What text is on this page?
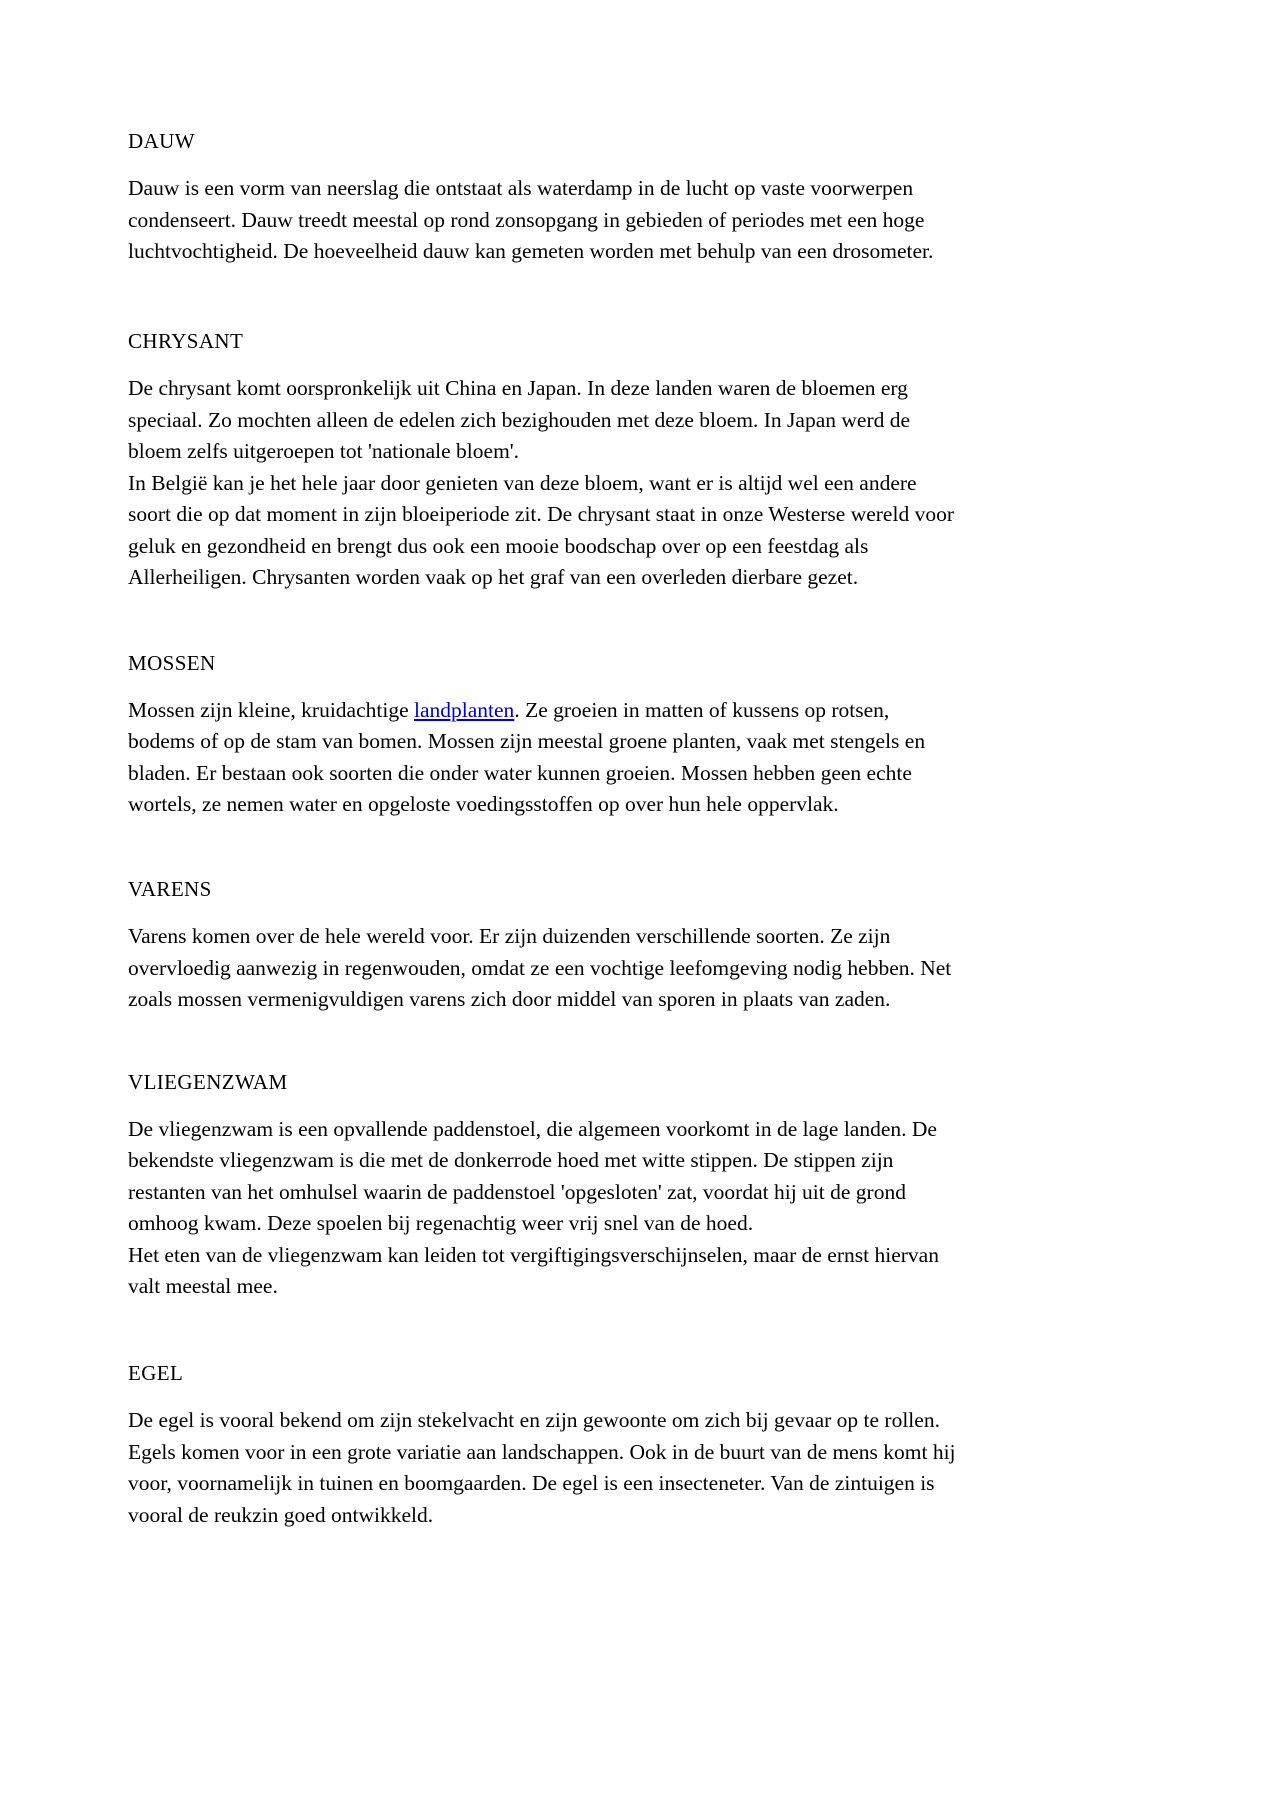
DAUW

Dauw is een vorm van neerslag die ontstaat als waterdamp in de lucht op vaste voorwerpen condenseert. Dauw treedt meestal op rond zonsopgang in gebieden of periodes met een hoge luchtvochtigheid. De hoeveelheid dauw kan gemeten worden met behulp van een drosometer.

CHRYSANT

De chrysant komt oorspronkelijk uit China en Japan. In deze landen waren de bloemen erg speciaal. Zo mochten alleen de edelen zich bezighouden met deze bloem. In Japan werd de bloem zelfs uitgeroepen tot 'nationale bloem'.

In België kan je het hele jaar door genieten van deze bloem, want er is altijd wel een andere soort die op dat moment in zijn bloeiperiode zit. De chrysant staat in onze Westerse wereld voor geluk en gezondheid en brengt dus ook een mooie boodschap over op een feestdag als Allerheiligen. Chrysanten worden vaak op het graf van een overleden dierbare gezet.

MOSSEN

Mossen zijn kleine, kruidachtige landplanten. Ze groeien in matten of kussens op rotsen, bodems of op de stam van bomen. Mossen zijn meestal groene planten, vaak met stengels en bladen. Er bestaan ook soorten die onder water kunnen groeien. Mossen hebben geen echte wortels, ze nemen water en opgeloste voedingsstoffen op over hun hele oppervlak.

VARENS

Varens komen over de hele wereld voor. Er zijn duizenden verschillende soorten. Ze zijn overvloedig aanwezig in regenwouden, omdat ze een vochtige leefomgeving nodig hebben. Net zoals mossen vermenigvuldigen varens zich door middel van sporen in plaats van zaden.

VLIEGENZWAM

De vliegenzwam is een opvallende paddenstoel, die algemeen voorkomt in de lage landen. De bekendste vliegenzwam is die met de donkerrode hoed met witte stippen. De stippen zijn restanten van het omhulsel waarin de paddenstoel 'opgesloten' zat, voordat hij uit de grond omhoog kwam. Deze spoelen bij regenachtig weer vrij snel van de hoed.

Het eten van de vliegenzwam kan leiden tot vergiftigingsverschijnselen, maar de ernst hiervan valt meestal mee.

EGEL

De egel is vooral bekend om zijn stekelvacht en zijn gewoonte om zich bij gevaar op te rollen. Egels komen voor in een grote variatie aan landschappen. Ook in de buurt van de mens komt hij voor, voornamelijk in tuinen en boomgaarden. De egel is een insecteneter. Van de zintuigen is vooral de reukzin goed ontwikkeld.
